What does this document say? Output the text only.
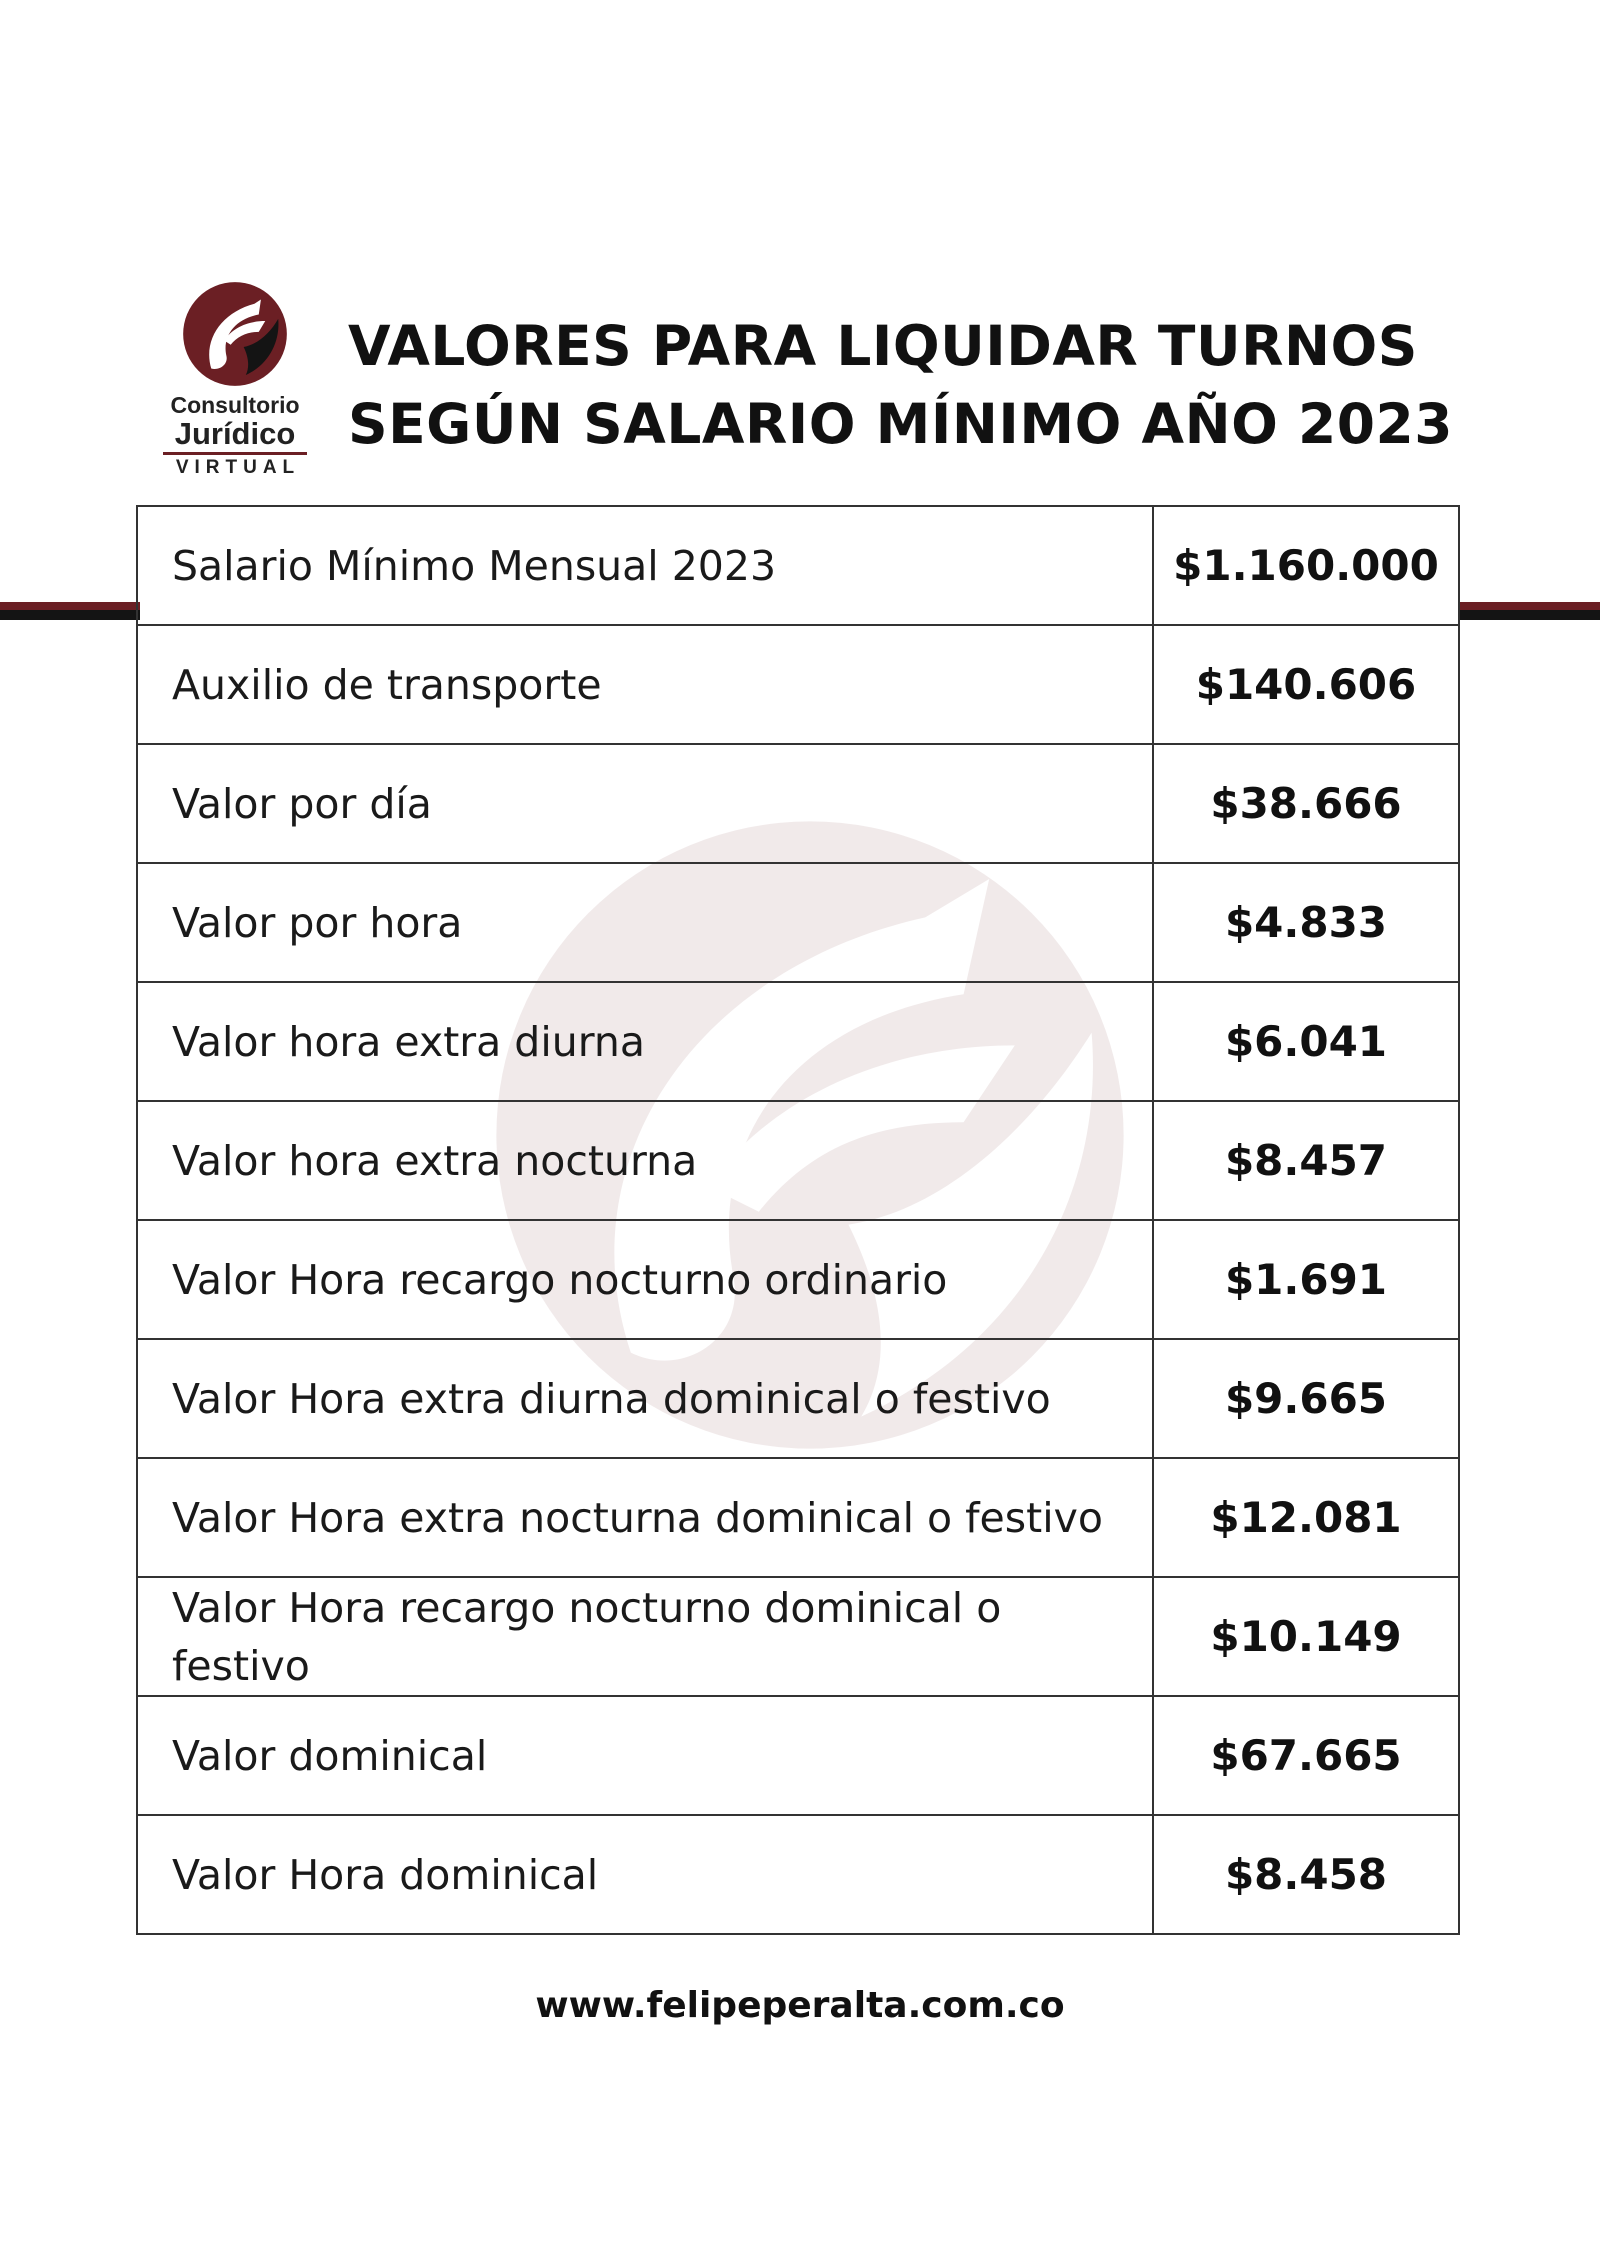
Consultorio
Jurídico
VIRTUAL
VALORES PARA LIQUIDAR TURNOS
SEGÚN SALARIO MÍNIMO AÑO 2023
Salario Mínimo Mensual 2023	$1.160.000
Auxilio de transporte	$140.606
Valor por día	$38.666
Valor por hora	$4.833
Valor hora extra diurna	$6.041
Valor hora extra nocturna	$8.457
Valor Hora recargo nocturno ordinario	$1.691
Valor Hora extra diurna dominical o festivo	$9.665
Valor Hora extra nocturna dominical o festivo	$12.081
Valor Hora recargo nocturno dominical o festivo	$10.149
Valor dominical	$67.665
Valor Hora dominical	$8.458
www.felipeperalta.com.co
